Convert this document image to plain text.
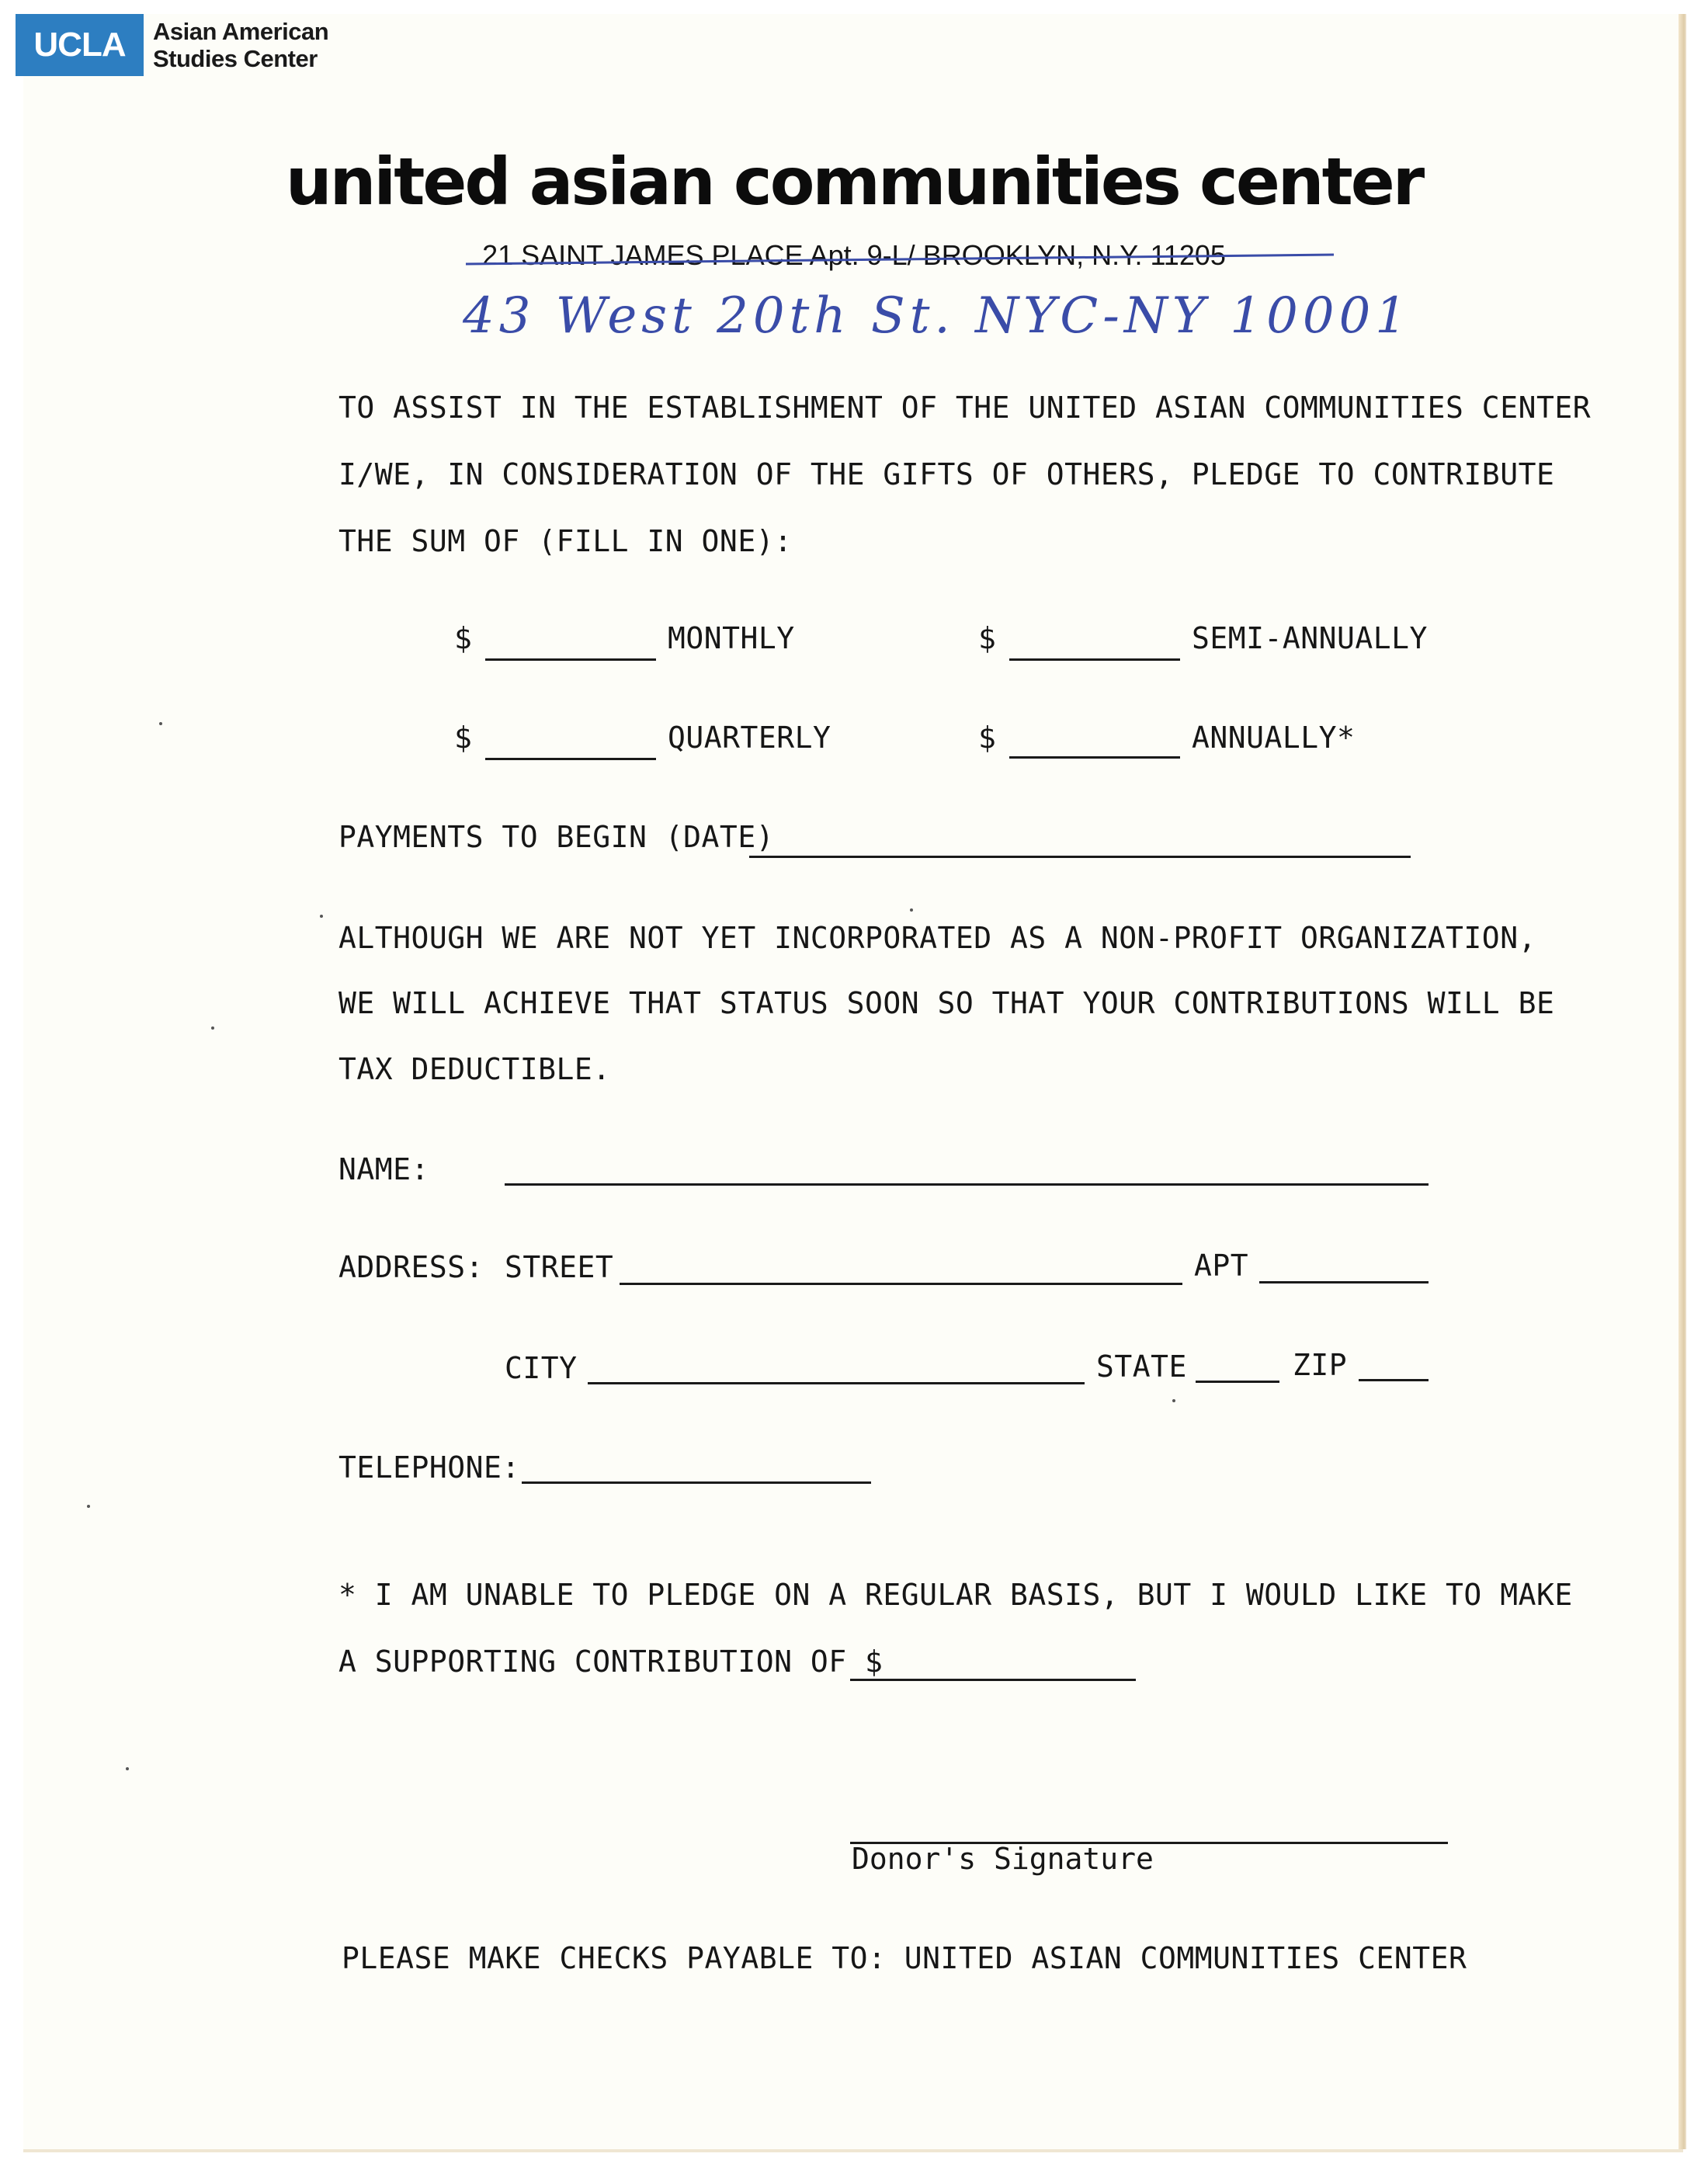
UCLA	Asian American
Studies Center
united asian communities center
21 SAINT JAMES PLACE Apt. 9-L/ BROOKLYN, N.Y. 11205
43 West 20th St. NYC-NY 10001
TO ASSIST IN THE ESTABLISHMENT OF THE UNITED ASIAN COMMUNITIES CENTER
I/WE, IN CONSIDERATION OF THE GIFTS OF OTHERS, PLEDGE TO CONTRIBUTE
THE SUM OF (FILL IN ONE):
$	MONTHLY	$	SEMI-ANNUALLY
$	QUARTERLY	$	ANNUALLY*
PAYMENTS TO BEGIN (DATE)
ALTHOUGH WE ARE NOT YET INCORPORATED AS A NON-PROFIT ORGANIZATION,
WE WILL ACHIEVE THAT STATUS SOON SO THAT YOUR CONTRIBUTIONS WILL BE
TAX DEDUCTIBLE.
NAME:
ADDRESS: STREET	APT
CITY	STATE	ZIP
TELEPHONE:
* I AM UNABLE TO PLEDGE ON A REGULAR BASIS, BUT I WOULD LIKE TO MAKE
A SUPPORTING CONTRIBUTION OF $
Donor's Signature
PLEASE MAKE CHECKS PAYABLE TO: UNITED ASIAN COMMUNITIES CENTER
